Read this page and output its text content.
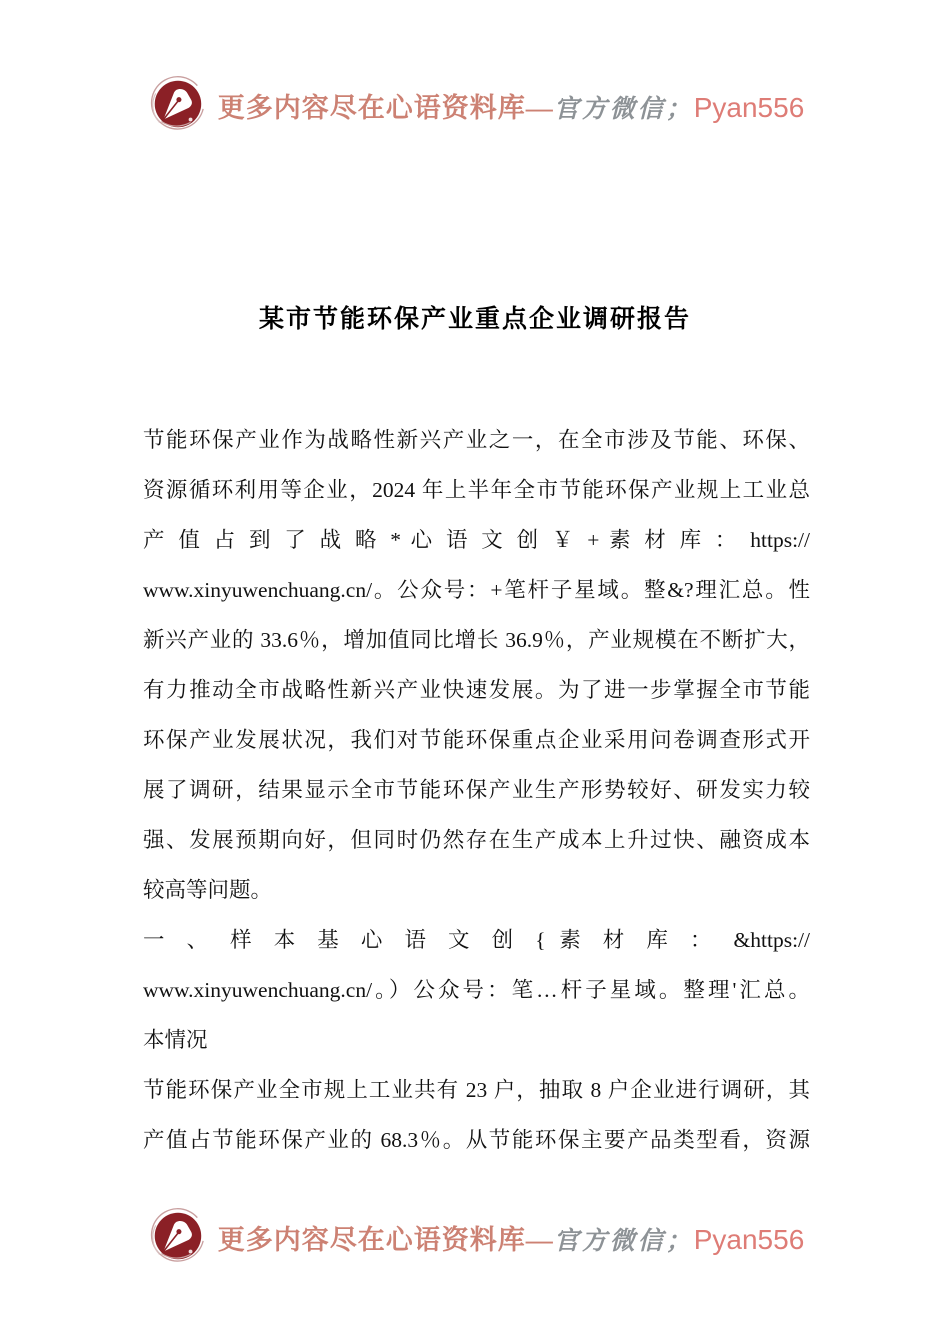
更多内容尽在心语资料库—官方微信；Pyan556
某市节能环保产业重点企业调研报告
节能环保产业作为战略性新兴产业之一，在全市涉及节能、环保、
资源循环利用等企业，2024 年上半年全市节能环保产业规上工业总
产 值 占 到 了 战 略 * 心 语 文 创 ￥ + 素 材 库 ： https://
www.xinyuwenchuang.cn/。公众号：+笔杆子星域。整&?理汇总。性
新兴产业的 33.6％，增加值同比增长 36.9％，产业规模在不断扩大，
有力推动全市战略性新兴产业快速发展。为了进一步掌握全市节能
环保产业发展状况，我们对节能环保重点企业采用问卷调查形式开
展了调研，结果显示全市节能环保产业生产形势较好、研发实力较
强、发展预期向好，但同时仍然存在生产成本上升过快、融资成本
较高等问题。
一 、 样 本 基 心 语 文 创 { 素 材 库 ： &https://
www.xinyuwenchuang.cn/。）公众号：笔…杆子星域。整理'汇总。
本情况
节能环保产业全市规上工业共有 23 户，抽取 8 户企业进行调研，其
产值占节能环保产业的 68.3％。从节能环保主要产品类型看，资源
更多内容尽在心语资料库—官方微信；Pyan556
